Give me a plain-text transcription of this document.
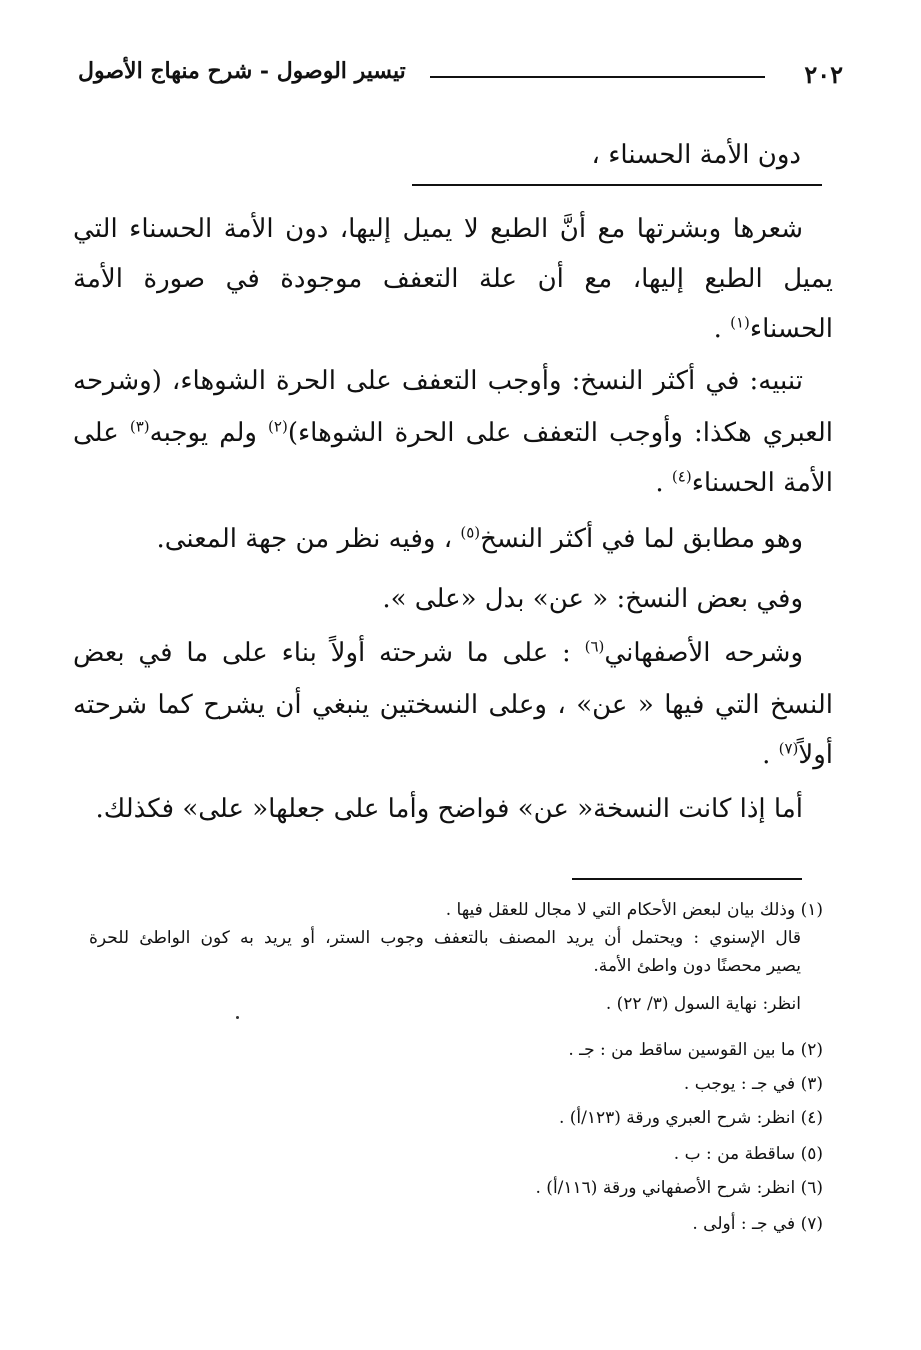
٢٠٢
تيسير الوصول - شرح منهاج الأصول
دون الأمة الحسناء ،
شعرها وبشرتها مع أنَّ الطبع لا يميل إليها، دون الأمة الحسناء التي
يميل الطبع إليها، مع أن علة التعفف موجودة في صورة الأمة
الحسناء$^{(١)}$ .
تنبيه: في أكثر النسخ: وأوجب التعفف على الحرة الشوهاء، (وشرحه
العبري هكذا: وأوجب التعفف على الحرة الشوهاء)$^{(٢)}$ ولم يوجبه$^{(٣)}$ على
الأمة الحسناء$^{(٤)}$ .
وهو مطابق لما في أكثر النسخ$^{(٥)}$ ، وفيه نظر من جهة المعنى.
وفي بعض النسخ: « عن» بدل «على ».
وشرحه الأصفهاني$^{(٦)}$ : على ما شرحته أولاً بناء على ما في بعض
النسخ التي فيها « عن» ، وعلى النسختين ينبغي أن يشرح كما شرحته
أولاً$^{(٧)}$ .
أما إذا كانت النسخة« عن» فواضح وأما على جعلها« على» فكذلك.
(١) وذلك بيان لبعض الأحكام التي لا مجال للعقل فيها .
قال الإسنوي : ويحتمل أن يريد المصنف بالتعفف وجوب الستر، أو يريد به كون الواطئ للحرة
يصير محصنًا دون واطئ الأمة.
انظر: نهاية السول (٣/ ٢٢) .
(٢) ما بين القوسين ساقط من : جـ .
(٣) في جـ : يوجب .
(٤) انظر: شرح العبري ورقة (١٢٣/أ) .
(٥) ساقطة من : ب .
(٦) انظر: شرح الأصفهاني ورقة (١١٦/أ) .
(٧) في جـ : أولى .
